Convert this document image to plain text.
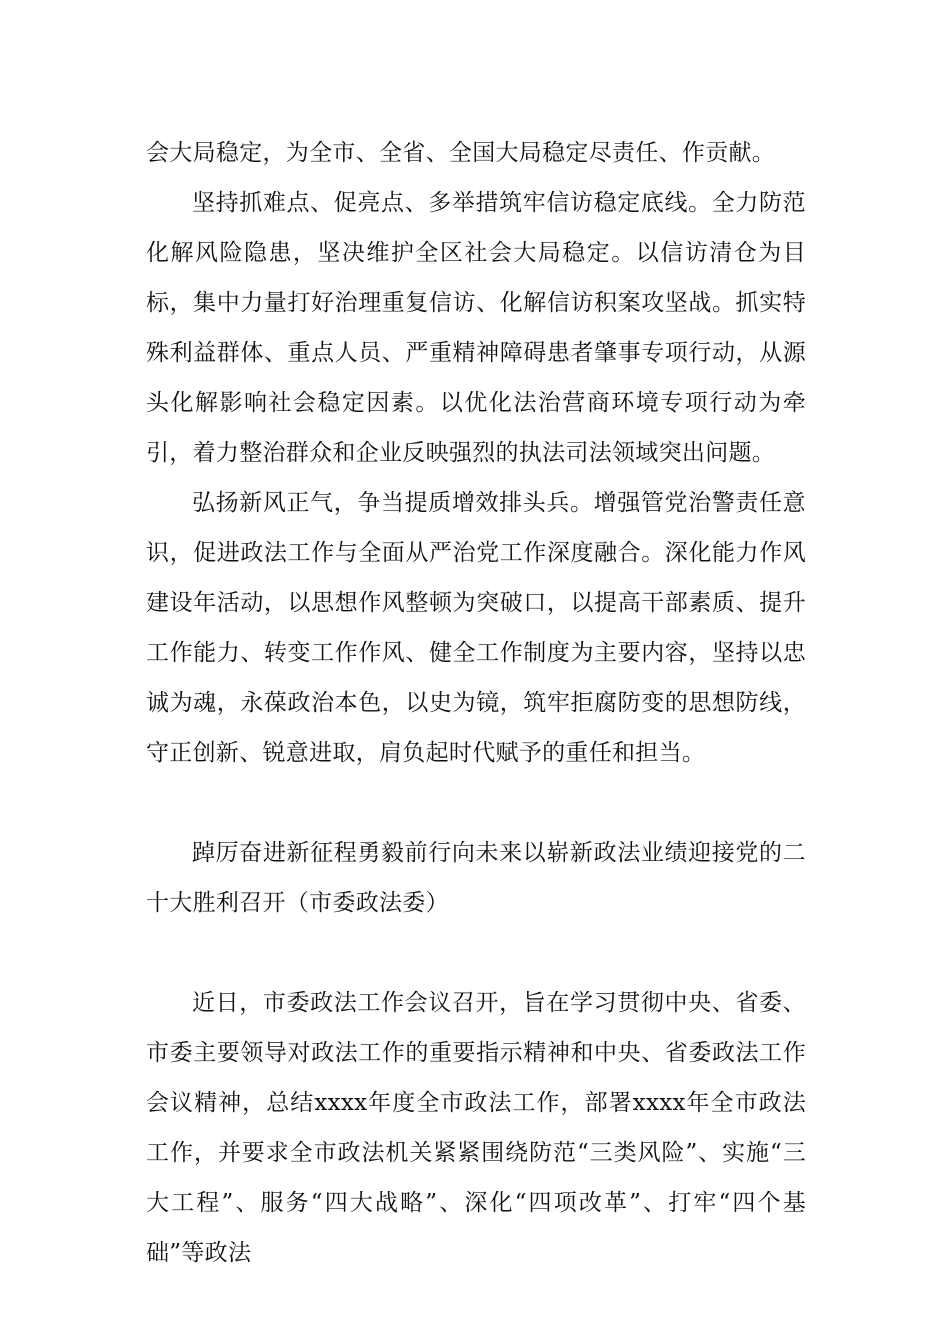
会大局稳定，为全市、全省、全国大局稳定尽责任、作贡献。

坚持抓难点、促亮点、多举措筑牢信访稳定底线。全力防范化解风险隐患，坚决维护全区社会大局稳定。以信访清仓为目标，集中力量打好治理重复信访、化解信访积案攻坚战。抓实特殊利益群体、重点人员、严重精神障碍患者肇事专项行动，从源头化解影响社会稳定因素。以优化法治营商环境专项行动为牵引，着力整治群众和企业反映强烈的执法司法领域突出问题。

弘扬新风正气，争当提质增效排头兵。增强管党治警责任意识，促进政法工作与全面从严治党工作深度融合。深化能力作风建设年活动，以思想作风整顿为突破口，以提高干部素质、提升工作能力、转变工作作风、健全工作制度为主要内容，坚持以忠诚为魂，永葆政治本色，以史为镜，筑牢拒腐防变的思想防线，守正创新、锐意进取，肩负起时代赋予的重任和担当。

踔厉奋进新征程勇毅前行向未来以崭新政法业绩迎接党的二十大胜利召开（市委政法委）

近日，市委政法工作会议召开，旨在学习贯彻中央、省委、市委主要领导对政法工作的重要指示精神和中央、省委政法工作会议精神，总结xxxx年度全市政法工作，部署xxxx年全市政法工作，并要求全市政法机关紧紧围绕防范“三类风险”、实施“三大工程”、服务“四大战略”、深化“四项改革”、打牢“四个基础”等政法
